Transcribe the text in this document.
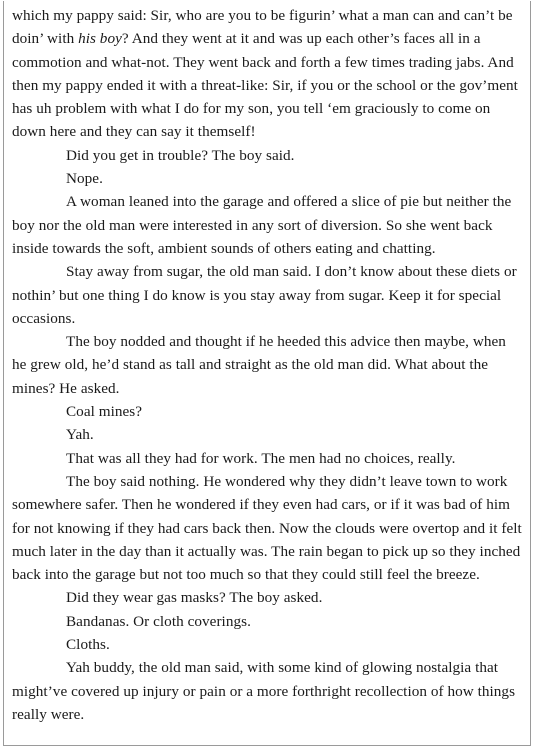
which my pappy said: Sir, who are you to be figurin’ what a man can and can’t be doin’ with his boy? And they went at it and was up each other’s faces all in a commotion and what-not. They went back and forth a few times trading jabs. And then my pappy ended it with a threat-like: Sir, if you or the school or the gov’ment has uh problem with what I do for my son, you tell ‘em graciously to come on down here and they can say it themself!

Did you get in trouble? The boy said.

Nope.

A woman leaned into the garage and offered a slice of pie but neither the boy nor the old man were interested in any sort of diversion. So she went back inside towards the soft, ambient sounds of others eating and chatting.

Stay away from sugar, the old man said. I don’t know about these diets or nothin’ but one thing I do know is you stay away from sugar. Keep it for special occasions.

The boy nodded and thought if he heeded this advice then maybe, when he grew old, he’d stand as tall and straight as the old man did. What about the mines? He asked.

Coal mines?

Yah.

That was all they had for work. The men had no choices, really.

The boy said nothing. He wondered why they didn’t leave town to work somewhere safer. Then he wondered if they even had cars, or if it was bad of him for not knowing if they had cars back then. Now the clouds were overtop and it felt much later in the day than it actually was. The rain began to pick up so they inched back into the garage but not too much so that they could still feel the breeze.

Did they wear gas masks? The boy asked.

Bandanas. Or cloth coverings.

Cloths.

Yah buddy, the old man said, with some kind of glowing nostalgia that might’ve covered up injury or pain or a more forthright recollection of how things really were.
